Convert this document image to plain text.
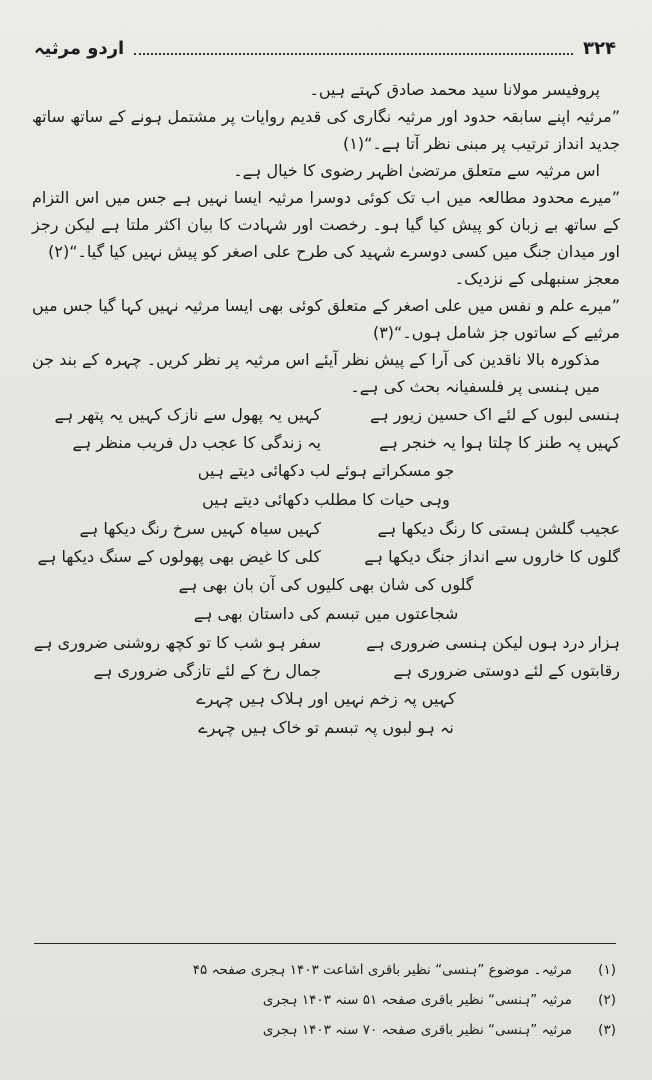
۳۲۴
اردو مرثیہ

پروفیسر مولانا سید محمد صادق کہتے ہیں۔

”مرثیہ اپنے سابقہ حدود اور مرثیہ نگاری کی قدیم روایات پر مشتمل ہونے کے ساتھ ساتھ جدید انداز ترتیب پر مبنی نظر آتا ہے۔“(۱)

اس مرثیہ سے متعلق مرتضیٰ اظہر رضوی کا خیال ہے۔

”میرے محدود مطالعہ میں اب تک کوئی دوسرا مرثیہ ایسا نہیں ہے جس میں اس التزام کے ساتھ بے زبان کو پیش کیا گیا ہو۔ رخصت اور شہادت کا بیان اکثر ملتا ہے لیکن رجز اور میدان جنگ میں کسی دوسرے شہید کی طرح علی اصغر کو پیش نہیں کیا گیا۔“(۲)

معجز سنبھلی کے نزدیک۔

”میرے علم و نفس میں علی اصغر کے متعلق کوئی بھی ایسا مرثیہ نہیں کہا گیا جس میں مرثیے کے ساتوں جز شامل ہوں۔“(۳)

مذکورہ بالا ناقدین کی آرا کے پیش نظر آیئے اس مرثیہ پر نظر کریں۔ چہرہ کے بند جن میں ہنسی پر فلسفیانہ بحث کی ہے۔

ہنسی لبوں کے لئے اک حسین زیور ہے
کہیں یہ پھول سے نازک کہیں یہ پتھر ہے
کہیں پہ طنز کا چلتا ہوا یہ خنجر ہے
یہ زندگی کا عجب دل فریب منظر ہے
جو مسکراتے ہوئے لب دکھائی دیتے ہیں
وہی حیات کا مطلب دکھائی دیتے ہیں
عجیب گلشن ہستی کا رنگ دیکھا ہے
کہیں سیاہ کہیں سرخ رنگ دیکھا ہے
گلوں کا خاروں سے انداز جنگ دیکھا ہے
کلی کا غیض بھی پھولوں کے سنگ دیکھا ہے
گلوں کی شان بھی کلیوں کی آن بان بھی ہے
شجاعتوں میں تبسم کی داستان بھی ہے
ہزار درد ہوں لیکن ہنسی ضروری ہے
سفر ہو شب کا تو کچھ روشنی ضروری ہے
رقابتوں کے لئے دوستی ضروری ہے
جمال رخ کے لئے تازگی ضروری ہے
کہیں پہ زخم نہیں اور ہلاک ہیں چہرے
نہ ہو لبوں پہ تبسم تو خاک ہیں چہرے
(۱)
مرثیہ۔ موضوع ”ہنسی“ نظیر باقری اشاعت ۱۴۰۳ ہجری صفحہ ۴۵
(۲)
مرثیہ ”ہنسی“ نظیر باقری صفحہ ۵۱ سنہ ۱۴۰۳ ہجری
(۳)
مرثیہ ”ہنسی“ نظیر باقری صفحہ ۷۰ سنہ ۱۴۰۳ ہجری
